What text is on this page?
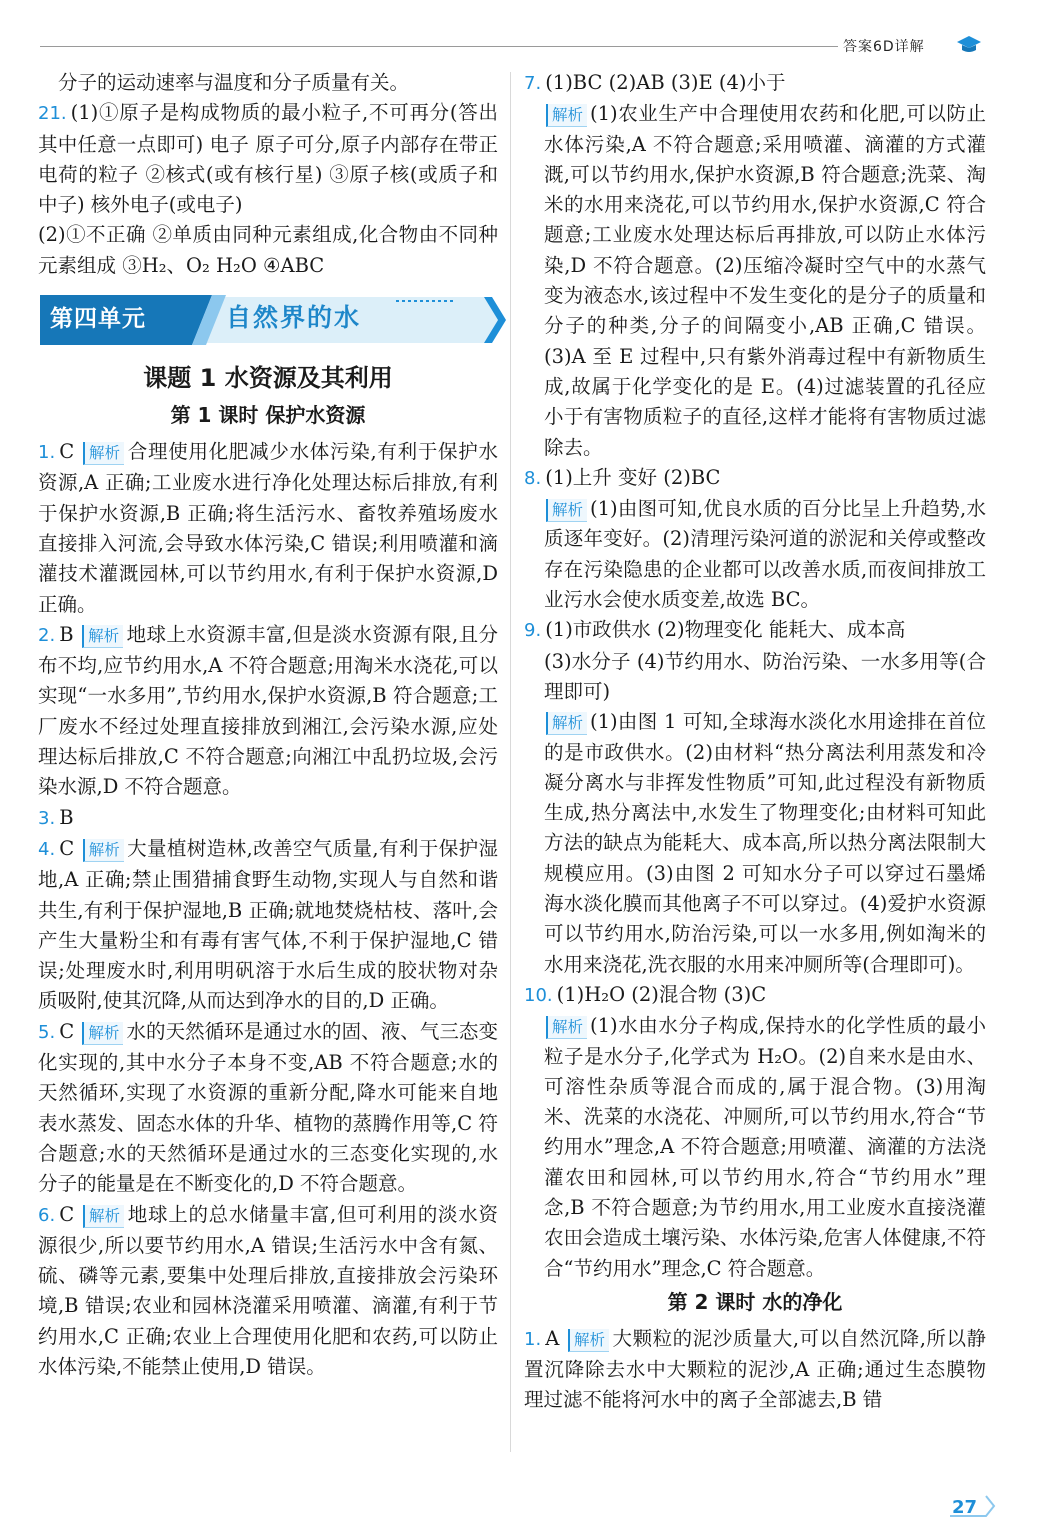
答案6D详解

分子的运动速率与温度和分子质量有关。

21. (1)①原子是构成物质的最小粒子,不可再分(答出其中任意一点即可) 电子 原子可分,原子内部存在带正电荷的粒子 ②核式(或有核行星) ③原子核(或质子和中子) 核外电子(或电子)

(2)①不正确 ②单质由同种元素组成,化合物由不同种元素组成 ③H₂、O₂ H₂O ④ABC

第四单元	自然界的水
课题 1 水资源及其利用
第 1 课时 保护水资源

1. C 解析 合理使用化肥减少水体污染,有利于保护水资源,A 正确;工业废水进行净化处理达标后排放,有利于保护水资源,B 正确;将生活污水、畜牧养殖场废水直接排入河流,会导致水体污染,C 错误;利用喷灌和滴灌技术灌溉园林,可以节约用水,有利于保护水资源,D 正确。

2. B 解析 地球上水资源丰富,但是淡水资源有限,且分布不均,应节约用水,A 不符合题意;用淘米水浇花,可以实现“一水多用”,节约用水,保护水资源,B 符合题意;工厂废水不经过处理直接排放到湘江,会污染水源,应处理达标后排放,C 不符合题意;向湘江中乱扔垃圾,会污染水源,D 不符合题意。

3. B

4. C 解析 大量植树造林,改善空气质量,有利于保护湿地,A 正确;禁止围猎捕食野生动物,实现人与自然和谐共生,有利于保护湿地,B 正确;就地焚烧枯枝、落叶,会产生大量粉尘和有毒有害气体,不利于保护湿地,C 错误;处理废水时,利用明矾溶于水后生成的胶状物对杂质吸附,使其沉降,从而达到净水的目的,D 正确。

5. C 解析 水的天然循环是通过水的固、液、气三态变化实现的,其中水分子本身不变,AB 不符合题意;水的天然循环,实现了水资源的重新分配,降水可能来自地表水蒸发、固态水体的升华、植物的蒸腾作用等,C 符合题意;水的天然循环是通过水的三态变化实现的,水分子的能量是在不断变化的,D 不符合题意。

6. C 解析 地球上的总水储量丰富,但可利用的淡水资源很少,所以要节约用水,A 错误;生活污水中含有氮、硫、磷等元素,要集中处理后排放,直接排放会污染环境,B 错误;农业和园林浇灌采用喷灌、滴灌,有利于节约用水,C 正确;农业上合理使用化肥和农药,可以防止水体污染,不能禁止使用,D 错误。

7. (1)BC (2)AB (3)E (4)小于

解析 (1)农业生产中合理使用农药和化肥,可以防止水体污染,A 不符合题意;采用喷灌、滴灌的方式灌溉,可以节约用水,保护水资源,B 符合题意;洗菜、淘米的水用来浇花,可以节约用水,保护水资源,C 符合题意;工业废水处理达标后再排放,可以防止水体污染,D 不符合题意。(2)压缩冷凝时空气中的水蒸气变为液态水,该过程中不发生变化的是分子的质量和分子的种类,分子的间隔变小,AB 正确,C 错误。(3)A 至 E 过程中,只有紫外消毒过程中有新物质生成,故属于化学变化的是 E。(4)过滤装置的孔径应小于有害物质粒子的直径,这样才能将有害物质过滤除去。

8. (1)上升 变好 (2)BC

解析 (1)由图可知,优良水质的百分比呈上升趋势,水质逐年变好。(2)清理污染河道的淤泥和关停或整改存在污染隐患的企业都可以改善水质,而夜间排放工业污水会使水质变差,故选 BC。

9. (1)市政供水 (2)物理变化 能耗大、成本高

(3)水分子 (4)节约用水、防治污染、一水多用等(合理即可)

解析 (1)由图 1 可知,全球海水淡化水用途排在首位的是市政供水。(2)由材料“热分离法利用蒸发和冷凝分离水与非挥发性物质”可知,此过程没有新物质生成,热分离法中,水发生了物理变化;由材料可知此方法的缺点为能耗大、成本高,所以热分离法限制大规模应用。(3)由图 2 可知水分子可以穿过石墨烯海水淡化膜而其他离子不可以穿过。(4)爱护水资源可以节约用水,防治污染,可以一水多用,例如淘米的水用来浇花,洗衣服的水用来冲厕所等(合理即可)。

10. (1)H₂O (2)混合物 (3)C

解析 (1)水由水分子构成,保持水的化学性质的最小粒子是水分子,化学式为 H₂O。(2)自来水是由水、可溶性杂质等混合而成的,属于混合物。(3)用淘米、洗菜的水浇花、冲厕所,可以节约用水,符合“节约用水”理念,A 不符合题意;用喷灌、滴灌的方法浇灌农田和园林,可以节约用水,符合“节约用水”理念,B 不符合题意;为节约用水,用工业废水直接浇灌农田会造成土壤污染、水体污染,危害人体健康,不符合“节约用水”理念,C 符合题意。

第 2 课时 水的净化

1. A 解析 大颗粒的泥沙质量大,可以自然沉降,所以静置沉降除去水中大颗粒的泥沙,A 正确;通过生态膜物理过滤不能将河水中的离子全部滤去,B 错

27
